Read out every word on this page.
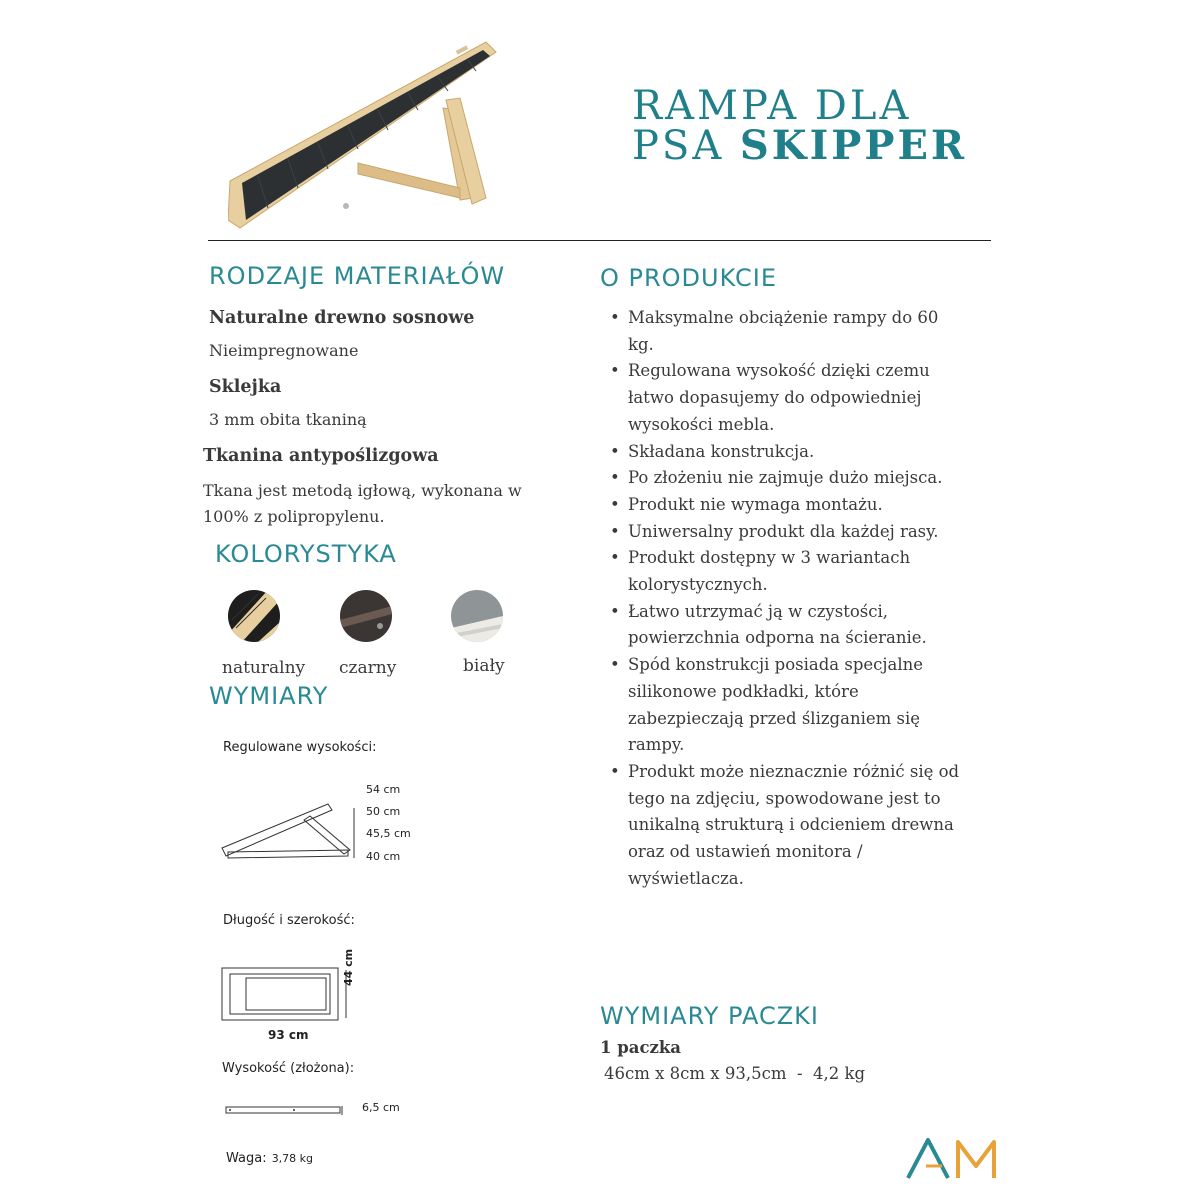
RAMPA DLA
PSA SKIPPER
RODZAJE MATERIAŁÓW
Naturalne drewno sosnowe
Nieimpregnowane
Sklejka
3 mm obita tkaniną
Tkanina antypoślizgowa
Tkana jest metodą igłową, wykonana w 100% z polipropylenu.
KOLORYSTYKA
naturalny czarny	biały
WYMIARY
Regulowane wysokości:
54 cm
50 cm
45,5 cm
40 cm
Długość i szerokość:
44 cm
93 cm
Wysokość (złożona):
6,5 cm
Waga: 3,78 kg
O PRODUKCIE
• Maksymalne obciążenie rampy do 60 kg.
• Regulowana wysokość dzięki czemu łatwo dopasujemy do odpowiedniej wysokości mebla.
• Składana konstrukcja.
• Po złożeniu nie zajmuje dużo miejsca.
• Produkt nie wymaga montażu.
• Uniwersalny produkt dla każdej rasy.
• Produkt dostępny w 3 wariantach kolorystycznych.
• Łatwo utrzymać ją w czystości, powierzchnia odporna na ścieranie.
• Spód konstrukcji posiada specjalne silikonowe podkładki, które zabezpieczają przed ślizganiem się rampy.
• Produkt może nieznacznie różnić się od tego na zdjęciu, spowodowane jest to unikalną strukturą i odcieniem drewna oraz od ustawień monitora / wyświetlacza.
WYMIARY PACZKI
1 paczka
46cm x 8cm x 93,5cm  -  4,2 kg
AM
